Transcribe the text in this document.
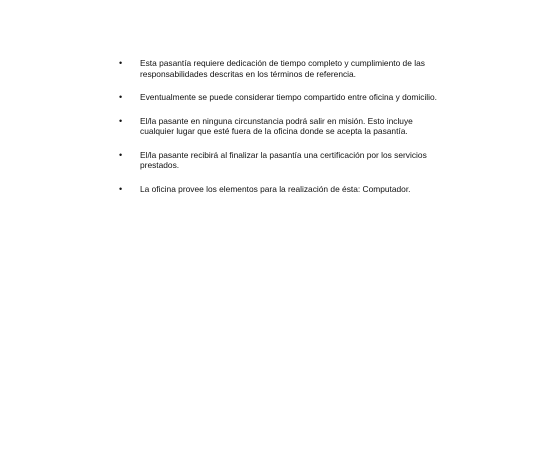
• Esta pasantía requiere dedicación de tiempo completo y cumplimiento de las responsabilidades descritas en los términos de referencia.
• Eventualmente se puede considerar tiempo compartido entre oficina y domicilio.
• El/la pasante en ninguna circunstancia podrá salir en misión. Esto incluye cualquier lugar que esté fuera de la oficina donde se acepta la pasantía.
• El/la pasante recibirá al finalizar la pasantía una certificación por los servicios prestados.
• La oficina provee los elementos para la realización de ésta: Computador.
